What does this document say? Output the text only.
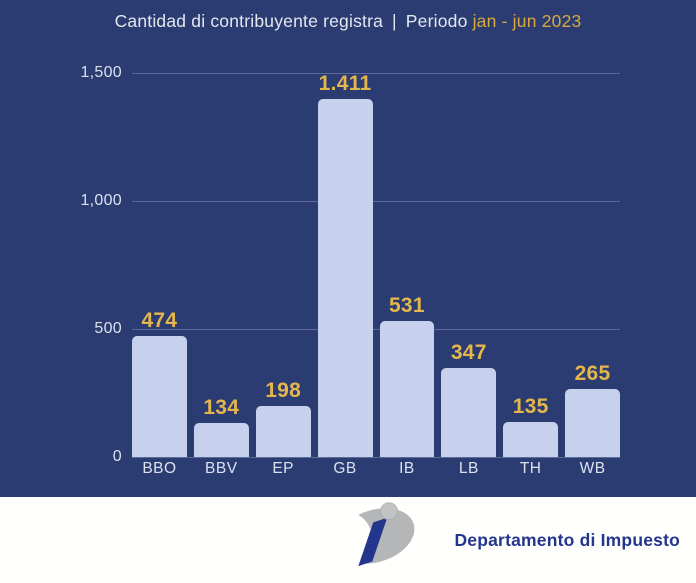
Cantidad di contribuyente registra | Periodo jan - jun 2023
1,500
1,000
500
0
474
134
198
1.411
531
347
135
265
BBO	BBV	EP	GB	IB	LB	TH	WB
Departamento di Impuesto
